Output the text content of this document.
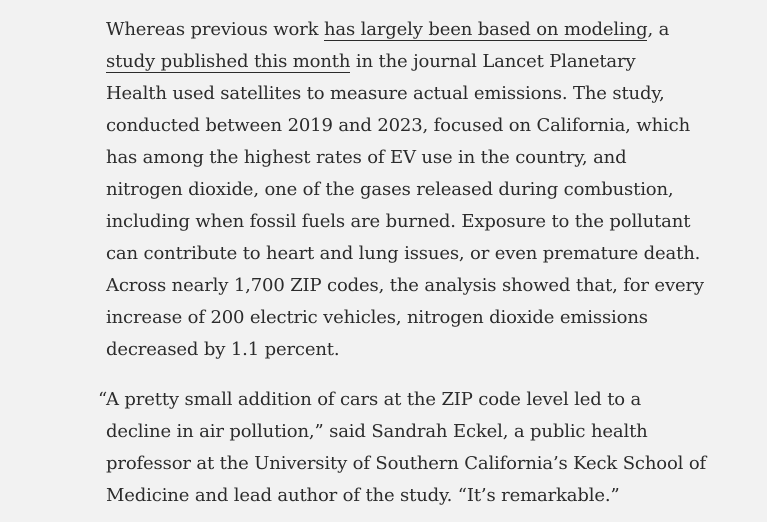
Whereas previous work has largely been based on modeling, a
study published this month in the journal Lancet Planetary
Health used satellites to measure actual emissions. The study,
conducted between 2019 and 2023, focused on California, which
has among the highest rates of EV use in the country, and
nitrogen dioxide, one of the gases released during combustion,
including when fossil fuels are burned. Exposure to the pollutant
can contribute to heart and lung issues, or even premature death.
Across nearly 1,700 ZIP codes, the analysis showed that, for every
increase of 200 electric vehicles, nitrogen dioxide emissions
decreased by 1.1 percent.

“
A pretty small addition of cars at the ZIP code level led to a
decline in air pollution,” said Sandrah Eckel, a public health
professor at the University of Southern California’s Keck School of
Medicine and lead author of the study. “It’s remarkable.”
